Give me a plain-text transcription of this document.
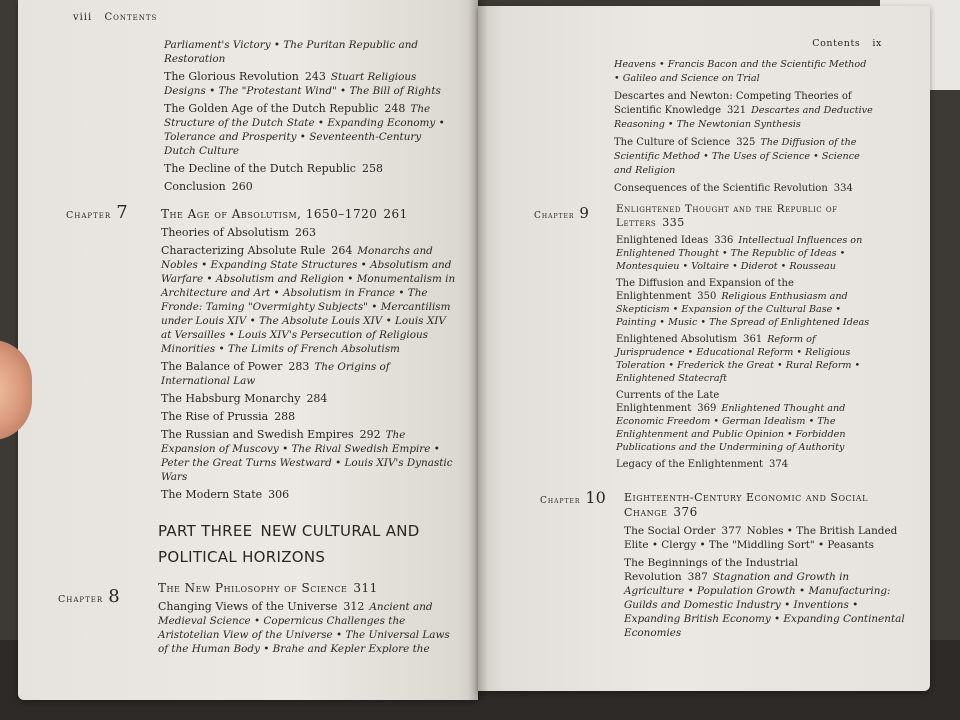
viii Contents
Parliament's Victory • The Puritan Republic and Restoration
The Glorious Revolution 243 Stuart Religious Designs • The "Protestant Wind" • The Bill of Rights
The Golden Age of the Dutch Republic 248 The Structure of the Dutch State • Expanding Economy • Tolerance and Prosperity • Seventeenth-Century Dutch Culture
The Decline of the Dutch Republic 258
Conclusion 260
Chapter 7	The Age of Absolutism, 1650–1720 261
Theories of Absolutism 263
Characterizing Absolute Rule 264 Monarchs and Nobles • Expanding State Structures • Absolutism and Warfare • Absolutism and Religion • Monumentalism in Architecture and Art • Absolutism in France • The Fronde: Taming "Overmighty Subjects" • Mercantilism under Louis XIV • The Absolute Louis XIV • Louis XIV at Versailles • Louis XIV's Persecution of Religious Minorities • The Limits of French Absolutism
The Balance of Power 283 The Origins of International Law
The Habsburg Monarchy 284
The Rise of Prussia 288
The Russian and Swedish Empires 292 The Expansion of Muscovy • The Rival Swedish Empire • Peter the Great Turns Westward • Louis XIV's Dynastic Wars
The Modern State 306
PART THREE NEW CULTURAL AND POLITICAL HORIZONS
Chapter 8	The New Philosophy of Science 311
Changing Views of the Universe 312 Ancient and Medieval Science • Copernicus Challenges the Aristotelian View of the Universe • The Universal Laws of the Human Body • Brahe and Kepler Explore the
Contents ix
Heavens • Francis Bacon and the Scientific Method • Galileo and Science on Trial
Descartes and Newton: Competing Theories of Scientific Knowledge 321 Descartes and Deductive Reasoning • The Newtonian Synthesis
The Culture of Science 325 The Diffusion of the Scientific Method • The Uses of Science • Science and Religion
Consequences of the Scientific Revolution 334
Chapter 9	Enlightened Thought and the Republic of Letters 335
Enlightened Ideas 336 Intellectual Influences on Enlightened Thought • The Republic of Ideas • Montesquieu • Voltaire • Diderot • Rousseau
The Diffusion and Expansion of the Enlightenment 350 Religious Enthusiasm and Skepticism • Expansion of the Cultural Base • Painting • Music • The Spread of Enlightened Ideas
Enlightened Absolutism 361 Reform of Jurisprudence • Educational Reform • Religious Toleration • Frederick the Great • Rural Reform • Enlightened Statecraft
Currents of the Late Enlightenment 369 Enlightened Thought and Economic Freedom • German Idealism • The Enlightenment and Public Opinion • Forbidden Publications and the Undermining of Authority
Legacy of the Enlightenment 374
Chapter 10 Eighteenth-Century Economic and Social Change 376
The Social Order 377 Nobles • The British Landed Elite • Clergy • The "Middling Sort" • Peasants
The Beginnings of the Industrial Revolution 387 Stagnation and Growth in Agriculture • Population Growth • Manufacturing: Guilds and Domestic Industry • Inventions • Expanding British Economy • Expanding Continental Economies
